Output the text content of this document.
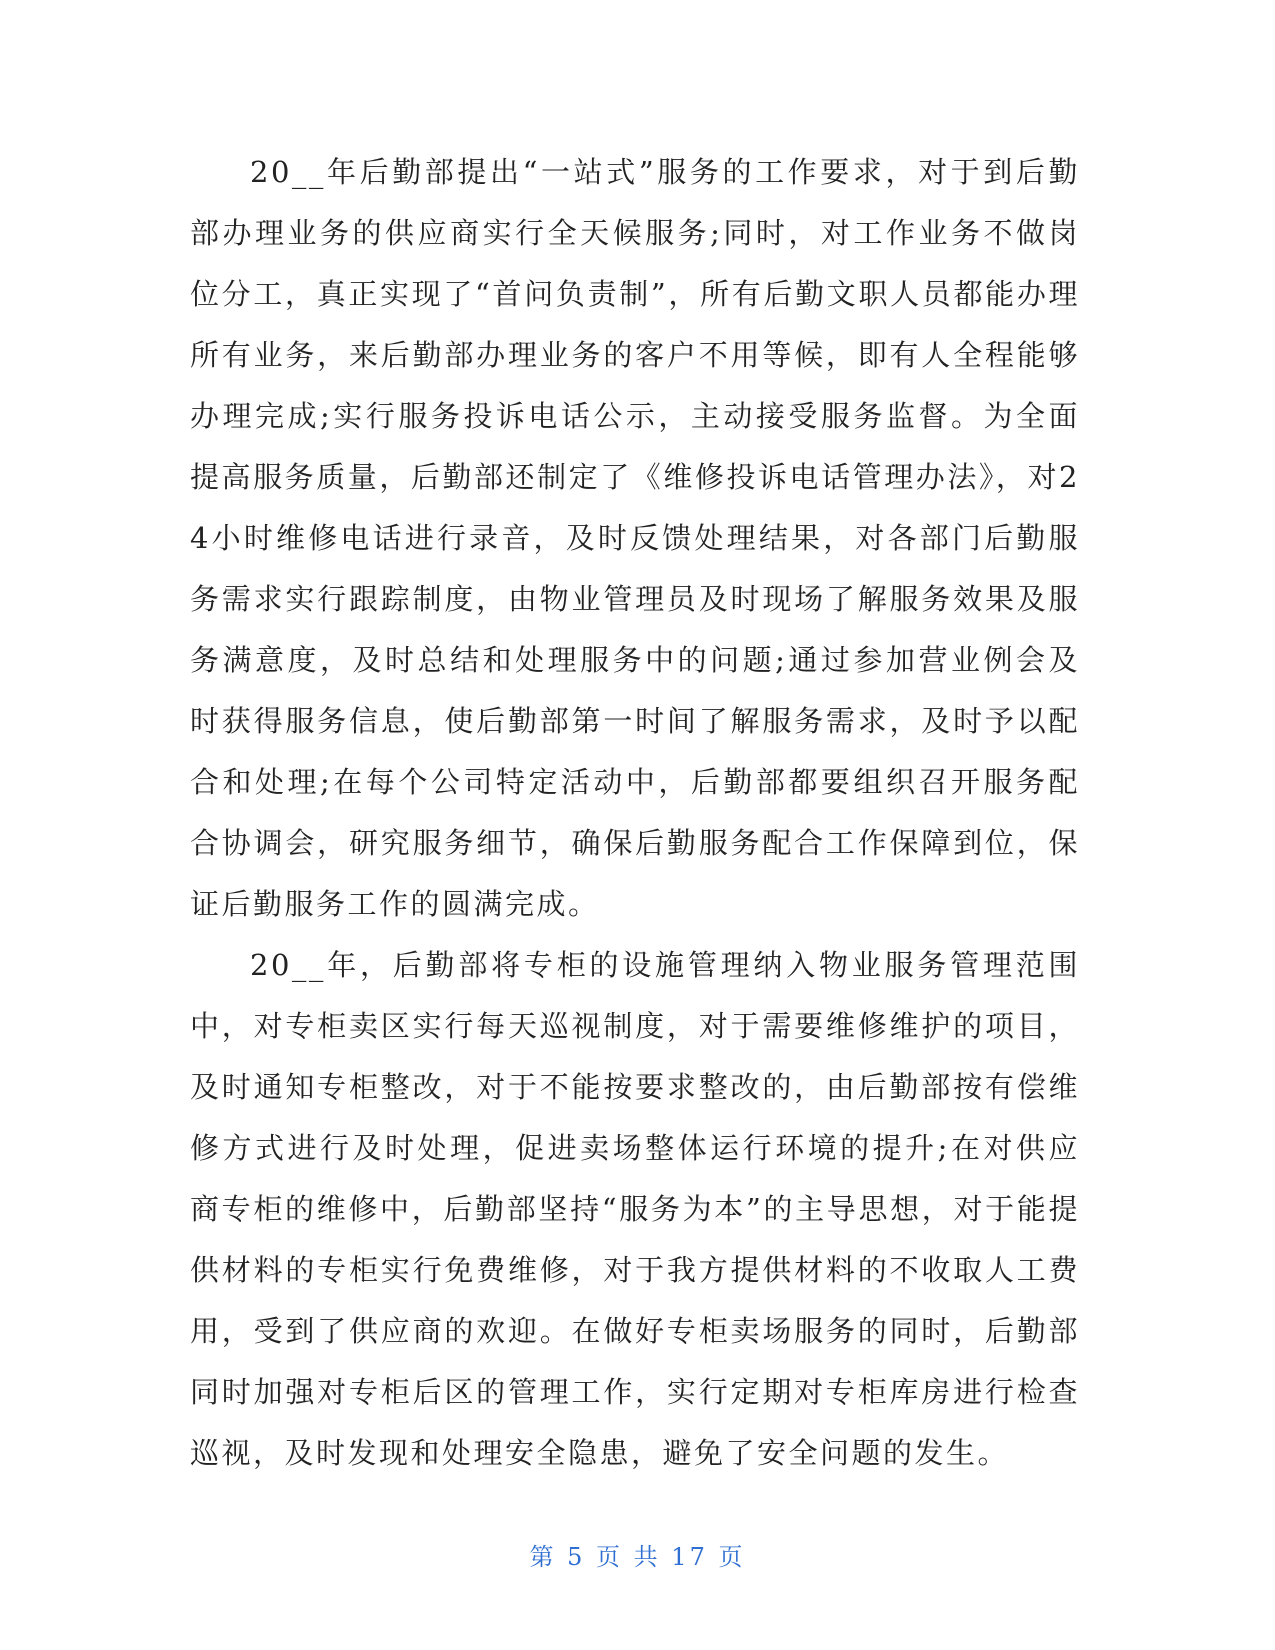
20__年后勤部提出“一站式”服务的工作要求，对于到后勤部办理业务的供应商实行全天候服务;同时，对工作业务不做岗位分工，真正实现了“首问负责制”，所有后勤文职人员都能办理所有业务，来后勤部办理业务的客户不用等候，即有人全程能够办理完成;实行服务投诉电话公示，主动接受服务监督。为全面提高服务质量，后勤部还制定了《维修投诉电话管理办法》，对24小时维修电话进行录音，及时反馈处理结果，对各部门后勤服务需求实行跟踪制度，由物业管理员及时现场了解服务效果及服务满意度，及时总结和处理服务中的问题;通过参加营业例会及时获得服务信息，使后勤部第一时间了解服务需求，及时予以配合和处理;在每个公司特定活动中，后勤部都要组织召开服务配合协调会，研究服务细节，确保后勤服务配合工作保障到位，保证后勤服务工作的圆满完成。

20__年，后勤部将专柜的设施管理纳入物业服务管理范围中，对专柜卖区实行每天巡视制度，对于需要维修维护的项目，及时通知专柜整改，对于不能按要求整改的，由后勤部按有偿维修方式进行及时处理，促进卖场整体运行环境的提升;在对供应商专柜的维修中，后勤部坚持“服务为本”的主导思想，对于能提供材料的专柜实行免费维修，对于我方提供材料的不收取人工费用，受到了供应商的欢迎。在做好专柜卖场服务的同时，后勤部同时加强对专柜后区的管理工作，实行定期对专柜库房进行检查巡视，及时发现和处理安全隐患，避免了安全问题的发生。

第 5 页 共 17 页
